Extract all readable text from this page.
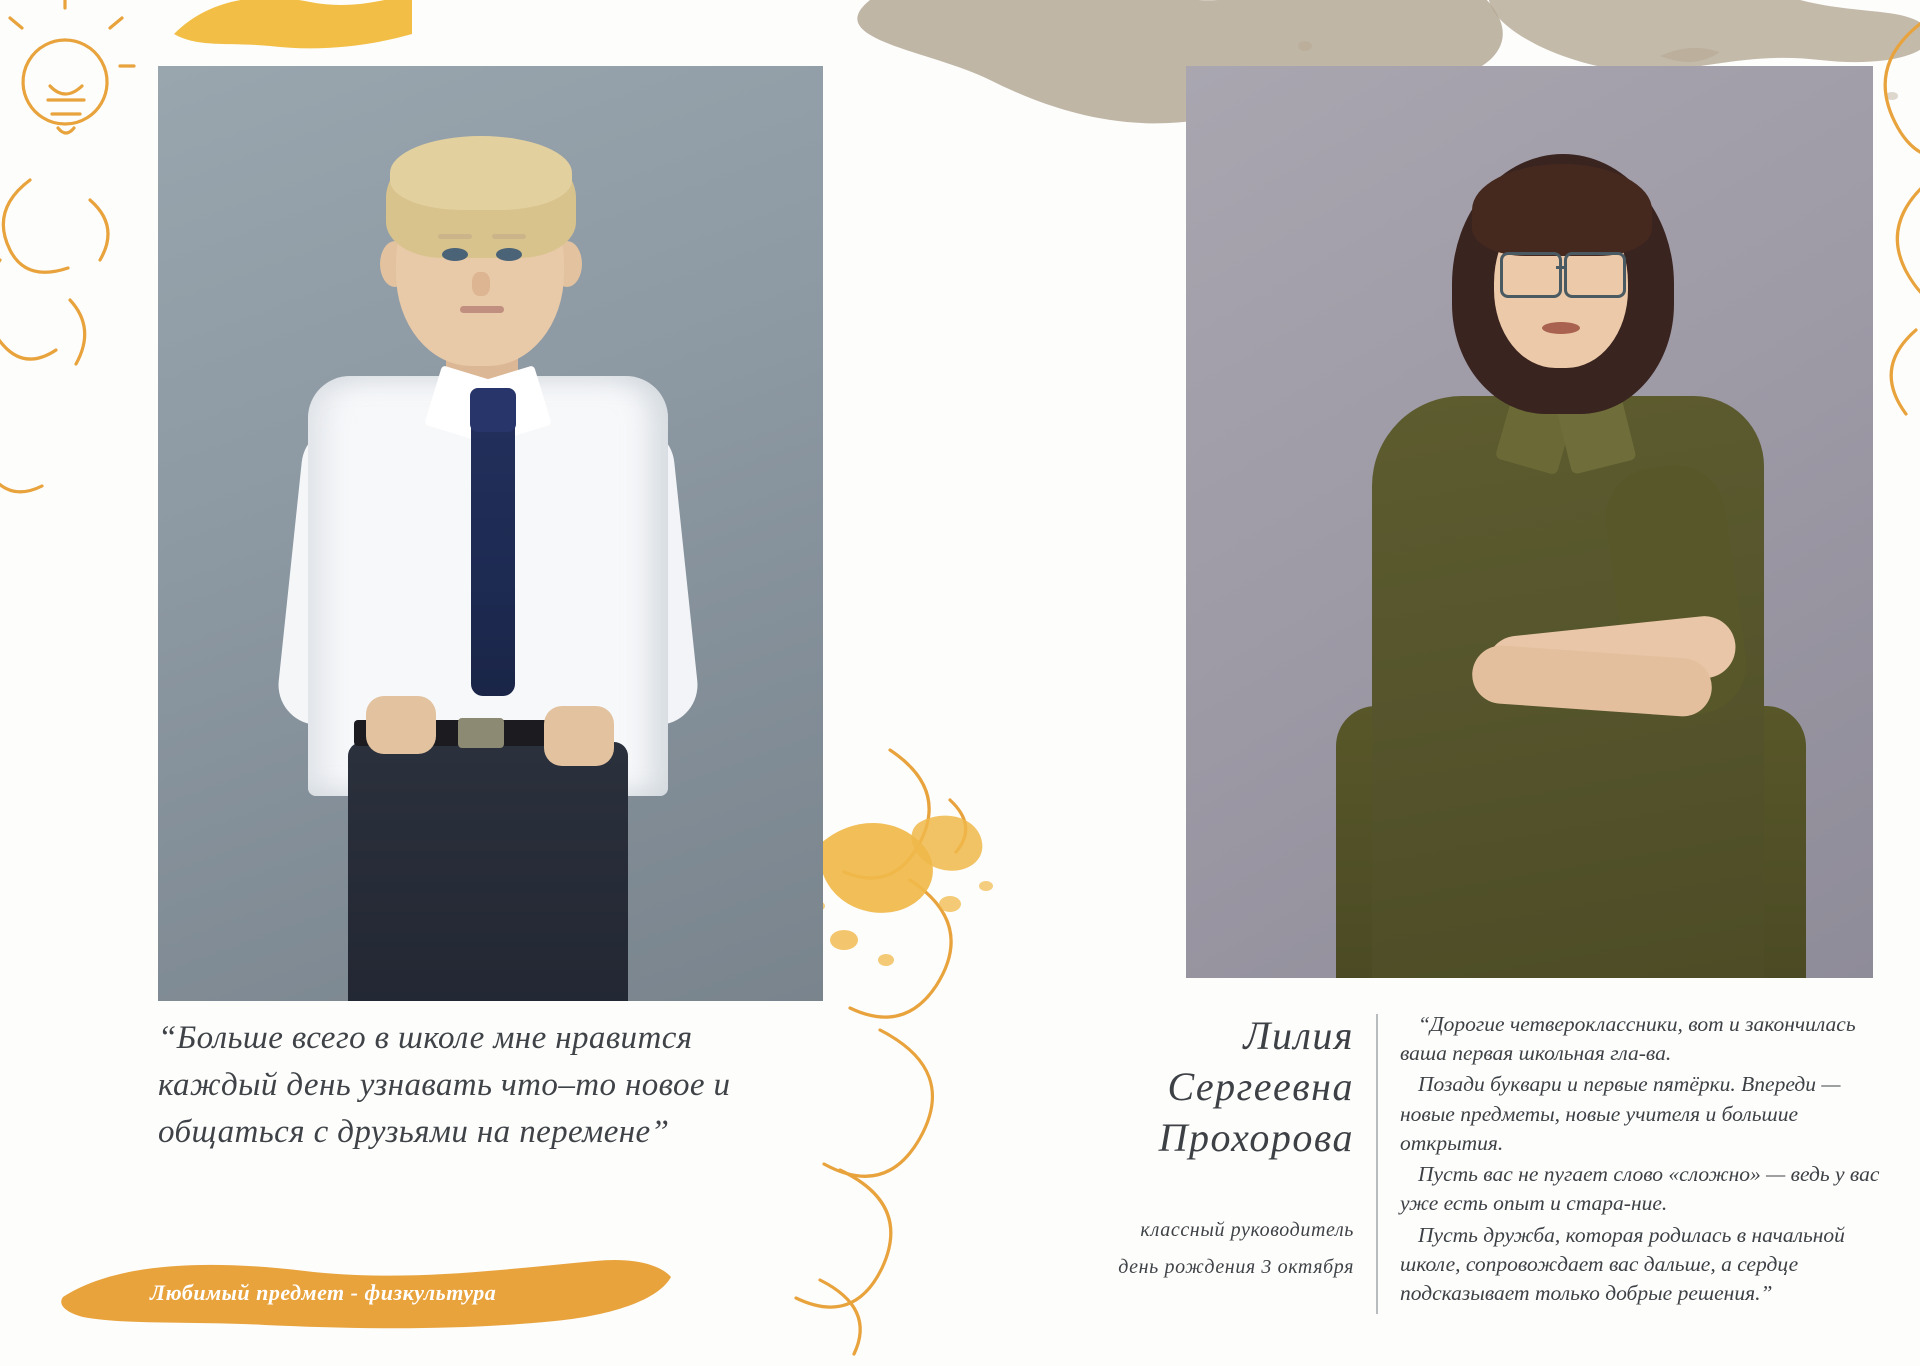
“Больше всего в школе мне нравится каждый день узнавать что–то новое и общаться с друзьями на перемене”
Любимый предмет - физкультура
Лилия
Сергеевна
Прохорова
классный руководитель
день рождения 3 октября

“Дорогие четвероклассники, вот и закончилась ваша первая школьная гла-ва.

Позади буквари и первые пятёрки. Впереди — новые предметы, новые учителя и большие открытия.

Пусть вас не пугает слово «сложно» — ведь у вас уже есть опыт и стара-ние.

Пусть дружба, которая родилась в начальной школе, сопровождает вас дальше, а сердце подсказывает только добрые решения.”
